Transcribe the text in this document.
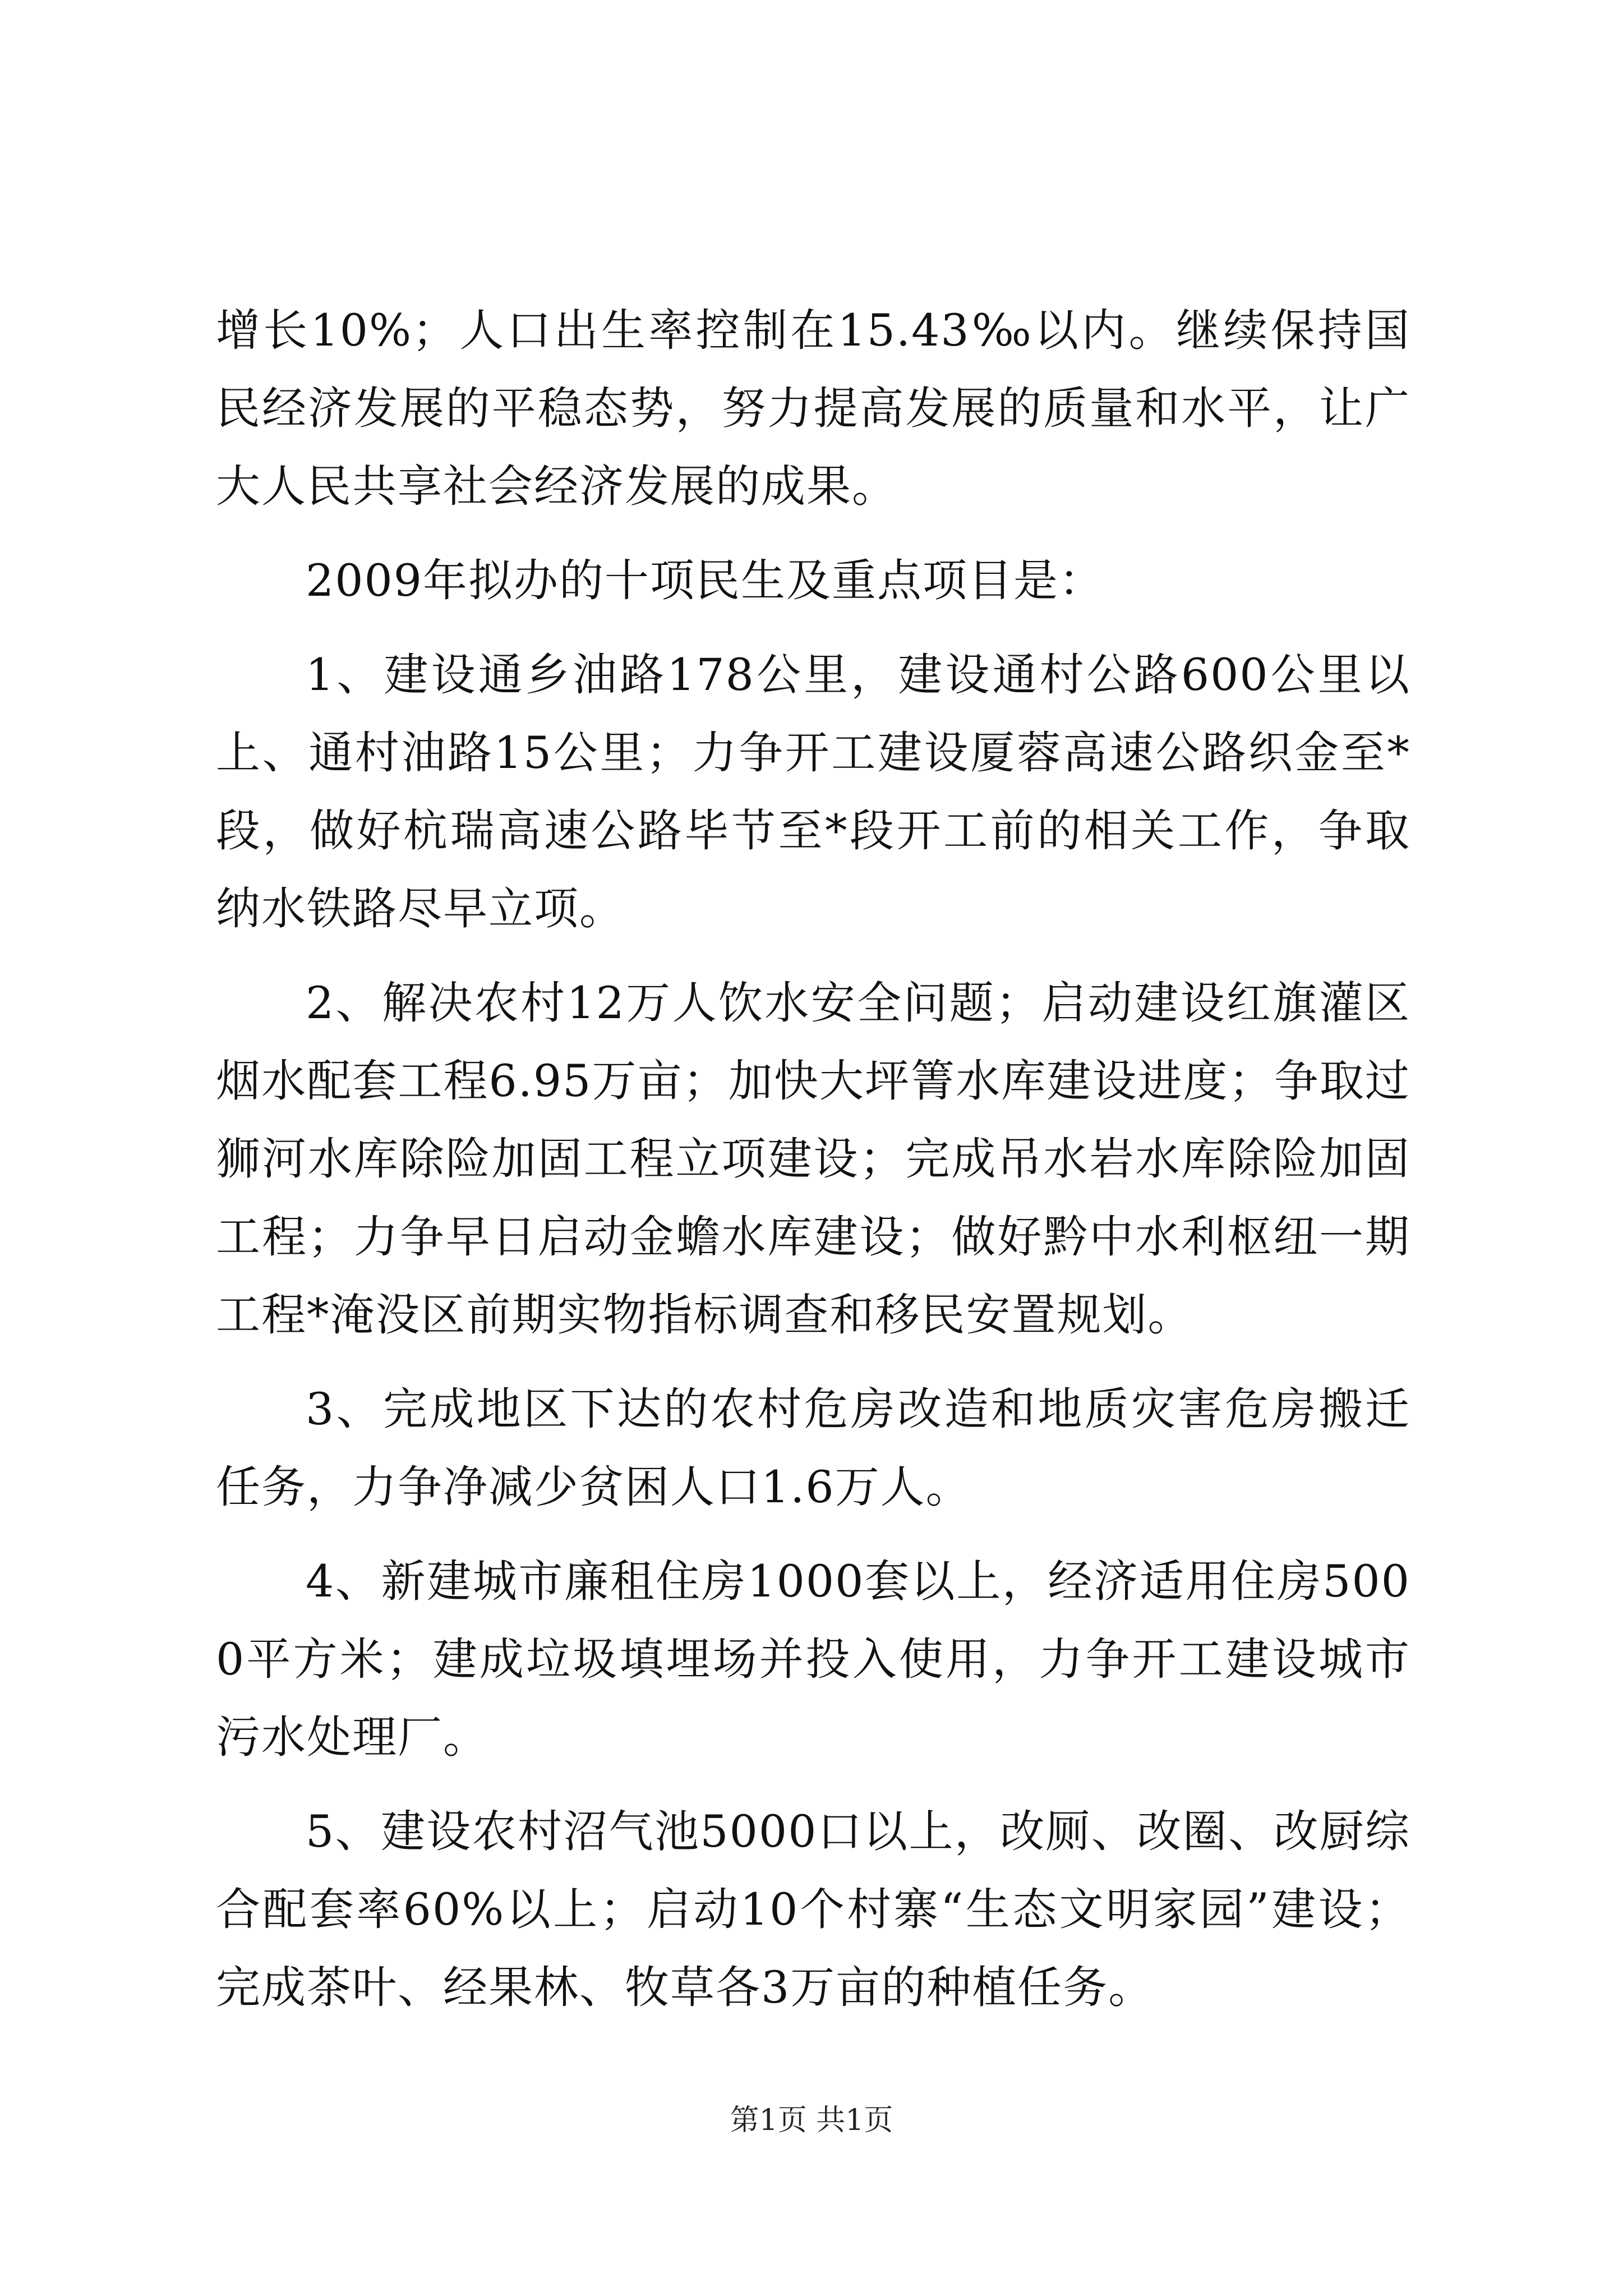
增长10%；人口出生率控制在15.43‰以内。继续保持国民经济发展的平稳态势，努力提高发展的质量和水平，让广大人民共享社会经济发展的成果。

2009年拟办的十项民生及重点项目是：

1、建设通乡油路178公里，建设通村公路600公里以上、通村油路15公里；力争开工建设厦蓉高速公路织金至*段，做好杭瑞高速公路毕节至*段开工前的相关工作，争取纳水铁路尽早立项。

2、解决农村12万人饮水安全问题；启动建设红旗灌区烟水配套工程6.95万亩；加快大坪箐水库建设进度；争取过狮河水库除险加固工程立项建设；完成吊水岩水库除险加固工程；力争早日启动金蟾水库建设；做好黔中水利枢纽一期工程*淹没区前期实物指标调查和移民安置规划。

3、完成地区下达的农村危房改造和地质灾害危房搬迁任务，力争净减少贫困人口1.6万人。

4、新建城市廉租住房1000套以上，经济适用住房5000平方米；建成垃圾填埋场并投入使用，力争开工建设城市污水处理厂。

5、建设农村沼气池5000口以上，改厕、改圈、改厨综合配套率60%以上；启动10个村寨“生态文明家园”建设；完成茶叶、经果林、牧草各3万亩的种植任务。

第1页 共1页
